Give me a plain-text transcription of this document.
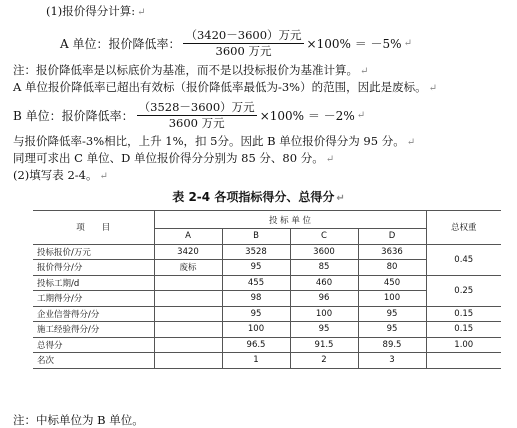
(1)报价得分计算: ↵
A 单位：报价降低率： $\frac{\text{（3420－3600）万元}}{\text{3600 万元}} \times 100\% = -5\%$ ↵
注：报价降低率是以标底价为基准，而不是以投标报价为基准计算。 ↵
A 单位报价降低率已超出有效标（报价降低率最低为-3%）的范围，因此是废标。 ↵
B 单位：报价降低率： $\frac{\text{（3528－3600）万元}}{\text{3600 万元}} \times 100\% = -2\%$ ↵
与报价降低率-3%相比，上升 1%，扣 5分。因此 B 单位报价得分为 95 分。 ↵
同理可求出 C 单位、D 单位报价得分分别为 85 分、80 分。 ↵
(2)填写表 2-4。 ↵
表 2-4 各项指标得分、总得分 ↵
项　　目	投 标 单 位				总权重
	A	B	C	D	
投标报价/万元	3420	3528	3600	3636	0.45
报价得分/分	废标	95	85	80	
投标工期/d		455	460	450	0.25
工期得分/分		98	96	100	
企业信誉得分/分		95	100	95	0.15
施工经验得分/分		100	95	95	0.15
总得分		96.5	91.5	89.5	1.00
名次		1	2	3	
注：中标单位为 B 单位。
